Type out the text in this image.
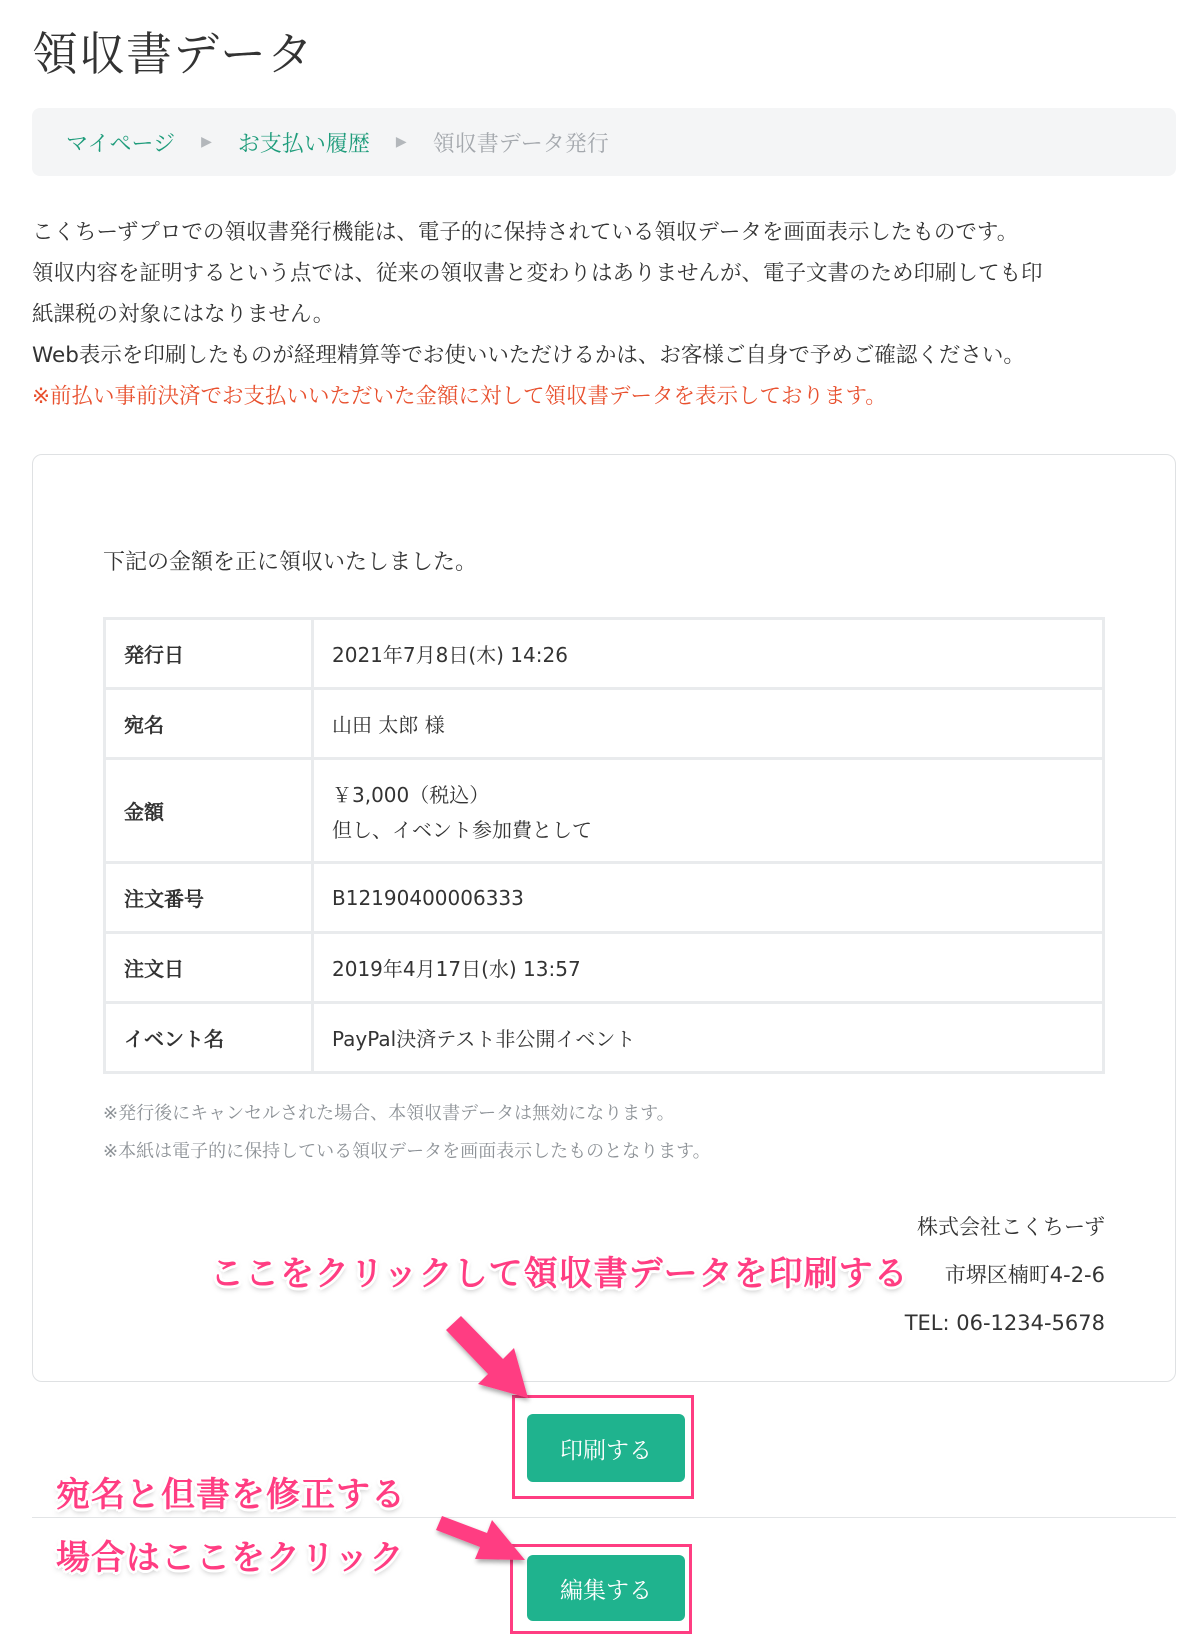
領収書データ
マイページ ▶ お支払い履歴 ▶ 領収書データ発行
こくちーずプロでの領収書発行機能は、電子的に保持されている領収データを画面表示したものです。
領収内容を証明するという点では、従来の領収書と変わりはありませんが、電子文書のため印刷しても印
紙課税の対象にはなりません。
Web表示を印刷したものが経理精算等でお使いいただけるかは、お客様ご自身で予めご確認ください。
※前払い事前決済でお支払いいただいた金額に対して領収書データを表示しております。

下記の金額を正に領収いたしました。

発行日	2021年7月8日(木) 14:26
宛名	山田 太郎 様
金額	￥3,000（税込）
但し、イベント参加費として

注文番号	B12190400006333
注文日	2019年4月17日(水) 13:57
イベント名	PayPal決済テスト非公開イベント
※発行後にキャンセルされた場合、本領収書データは無効になります。
※本紙は電子的に保持している領収データを画面表示したものとなります。
株式会社こくちーず
市堺区楠町4-2-6
TEL: 06-1234-5678
印刷する
編集する
ここをクリックして領収書データを印刷する
宛名と但書を修正する
場合はここをクリック
